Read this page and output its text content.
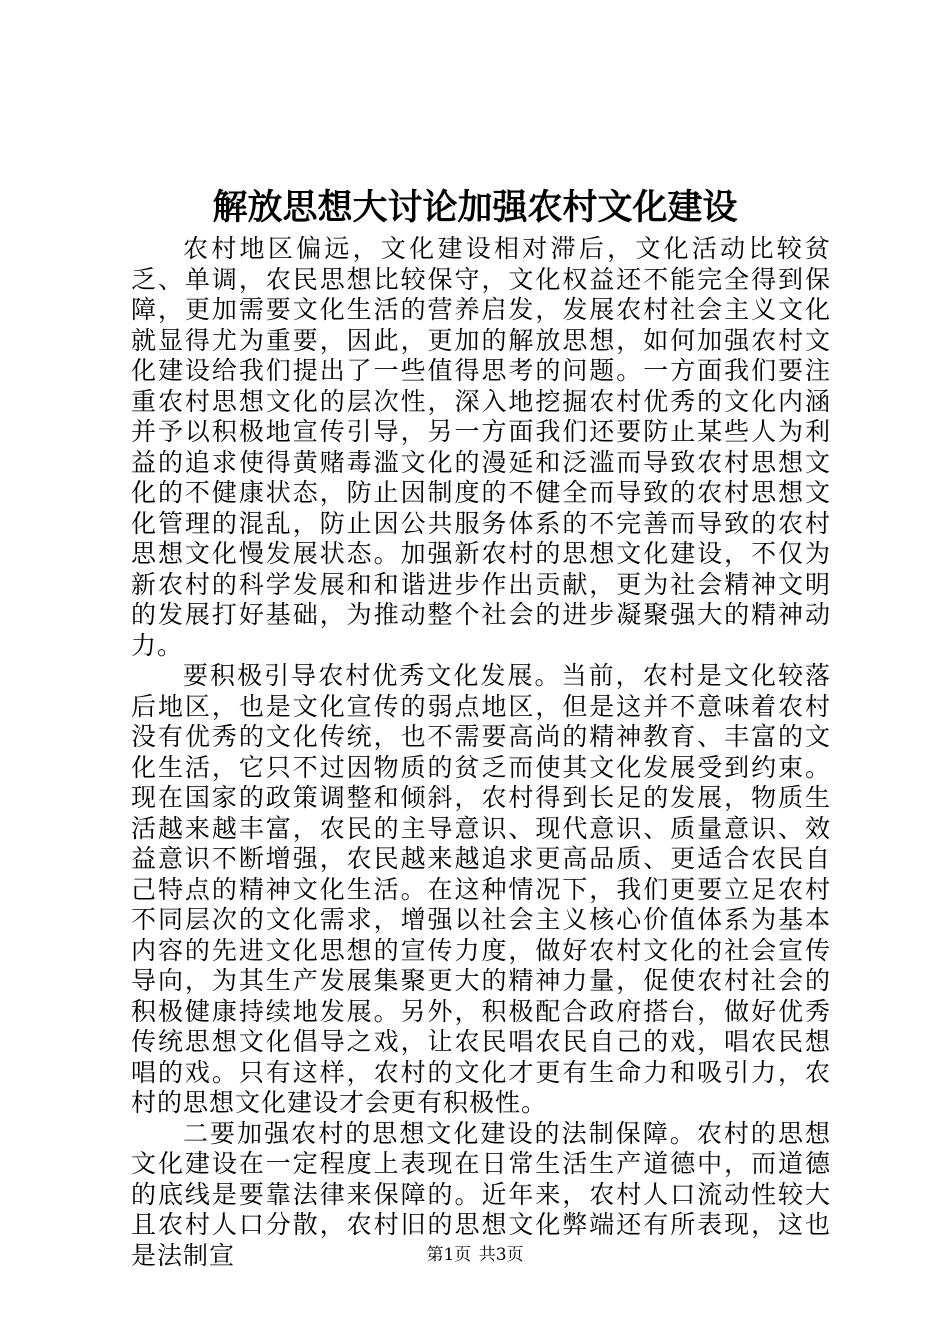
解放思想大讨论加强农村文化建设

农村地区偏远，文化建设相对滞后，文化活动比较贫乏、单调，农民思想比较保守，文化权益还不能完全得到保障，更加需要文化生活的营养启发，发展农村社会主义文化就显得尤为重要，因此，更加的解放思想，如何加强农村文化建设给我们提出了一些值得思考的问题。一方面我们要注重农村思想文化的层次性，深入地挖掘农村优秀的文化内涵并予以积极地宣传引导，另一方面我们还要防止某些人为利益的追求使得黄赌毒滥文化的漫延和泛滥而导致农村思想文化的不健康状态，防止因制度的不健全而导致的农村思想文化管理的混乱，防止因公共服务体系的不完善而导致的农村思想文化慢发展状态。加强新农村的思想文化建设，不仅为新农村的科学发展和和谐进步作出贡献，更为社会精神文明的发展打好基础，为推动整个社会的进步凝聚强大的精神动力。

要积极引导农村优秀文化发展。当前，农村是文化较落后地区，也是文化宣传的弱点地区，但是这并不意味着农村没有优秀的文化传统，也不需要高尚的精神教育、丰富的文化生活，它只不过因物质的贫乏而使其文化发展受到约束。现在国家的政策调整和倾斜，农村得到长足的发展，物质生活越来越丰富，农民的主导意识、现代意识、质量意识、效益意识不断增强，农民越来越追求更高品质、更适合农民自己特点的精神文化生活。在这种情况下，我们更要立足农村不同层次的文化需求，增强以社会主义核心价值体系为基本内容的先进文化思想的宣传力度，做好农村文化的社会宣传导向，为其生产发展集聚更大的精神力量，促使农村社会的积极健康持续地发展。另外，积极配合政府搭台，做好优秀传统思想文化倡导之戏，让农民唱农民自己的戏，唱农民想唱的戏。只有这样，农村的文化才更有生命力和吸引力，农村的思想文化建设才会更有积极性。

二要加强农村的思想文化建设的法制保障。农村的思想文化建设在一定程度上表现在日常生活生产道德中，而道德的底线是要靠法律来保障的。近年来，农村人口流动性较大且农村人口分散，农村旧的思想文化弊端还有所表现，这也是法制宣	第1页 共3页
